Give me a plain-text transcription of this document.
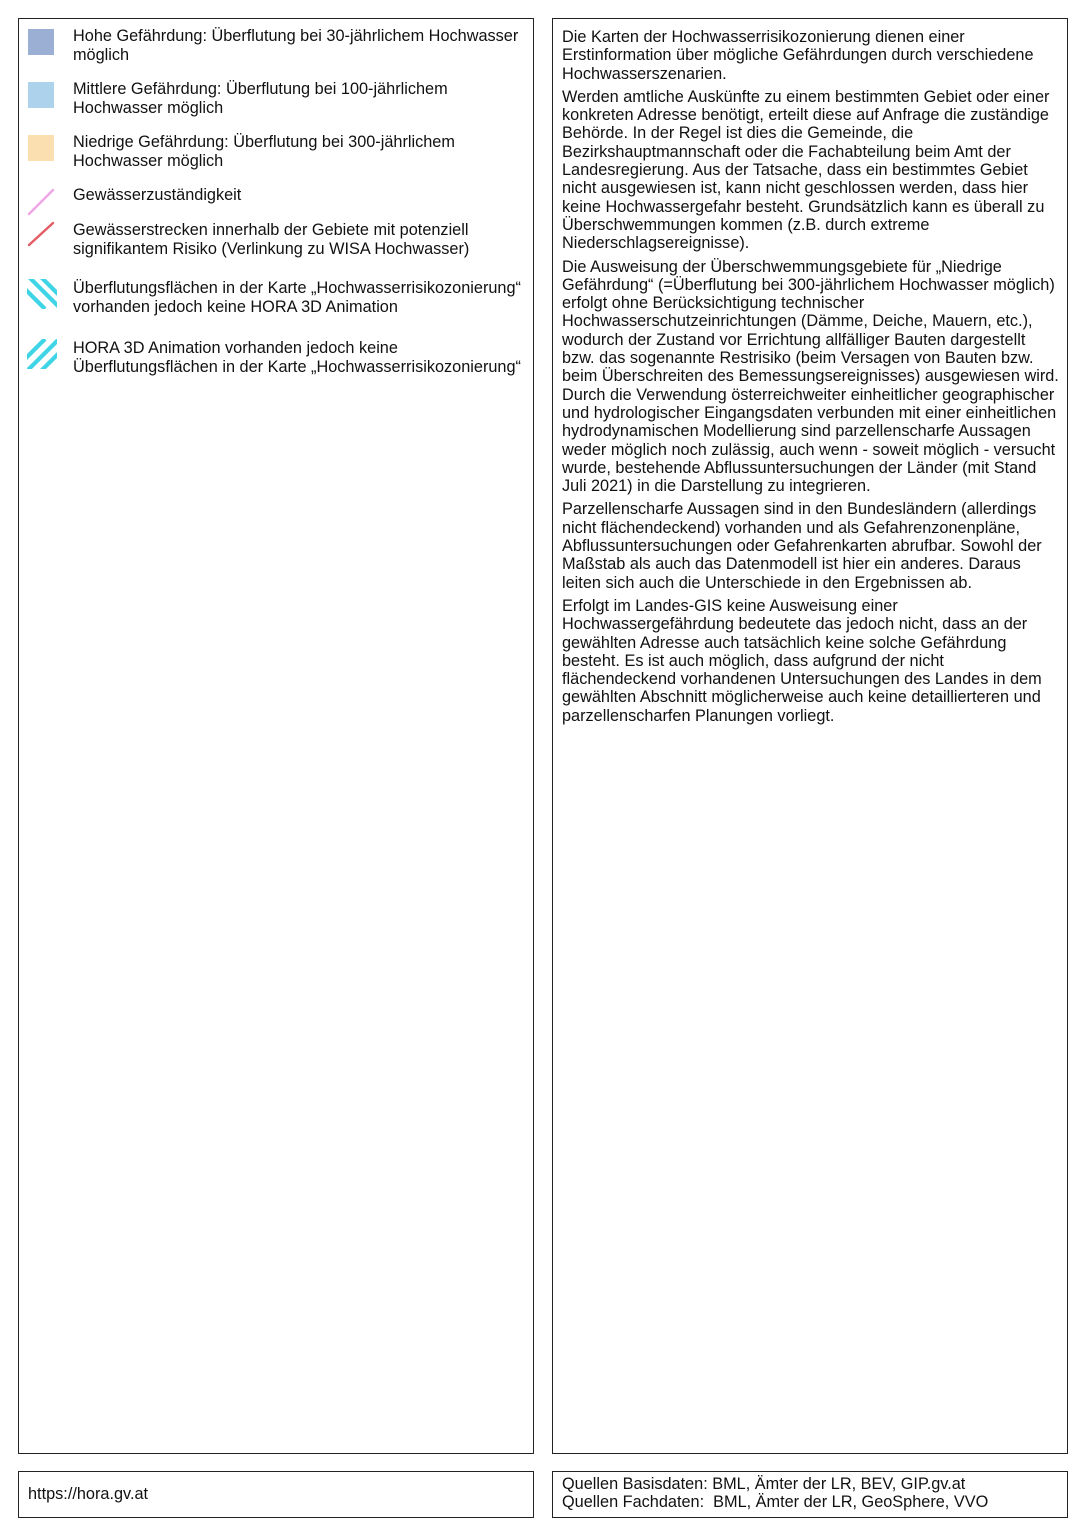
Hohe Gefährdung: Überflutung bei 30-jährlichem Hochwasser möglich
Mittlere Gefährdung: Überflutung bei 100-jährlichem Hochwasser möglich
Niedrige Gefährdung: Überflutung bei 300-jährlichem Hochwasser möglich
Gewässerzuständigkeit
Gewässerstrecken innerhalb der Gebiete mit potenziell signifikantem Risiko (Verlinkung zu WISA Hochwasser)
Überflutungsflächen in der Karte „Hochwasserrisikozonierung“ vorhanden jedoch keine HORA 3D Animation
HORA 3D Animation vorhanden jedoch keine Überflutungsflächen in der Karte „Hochwasserrisikozonierung“

Die Karten der Hochwasserrisikozonierung dienen einer Erstinformation über mögliche Gefährdungen durch verschiedene Hochwasserszenarien.

Werden amtliche Auskünfte zu einem bestimmten Gebiet oder einer konkreten Adresse benötigt, erteilt diese auf Anfrage die zuständige Behörde. In der Regel ist dies die Gemeinde, die Bezirkshauptmannschaft oder die Fachabteilung beim Amt der Landesregierung. Aus der Tatsache, dass ein bestimmtes Gebiet nicht ausgewiesen ist, kann nicht geschlossen werden, dass hier keine Hochwassergefahr besteht. Grundsätzlich kann es überall zu Überschwemmungen kommen (z.B. durch extreme Niederschlagsereignisse).

Die Ausweisung der Überschwemmungsgebiete für „Niedrige Gefährdung“ (=Überflutung bei 300-jährlichem Hochwasser möglich) erfolgt ohne Berücksichtigung technischer Hochwasserschutzeinrichtungen (Dämme, Deiche, Mauern, etc.), wodurch der Zustand vor Errichtung allfälliger Bauten dargestellt bzw. das sogenannte Restrisiko (beim Versagen von Bauten bzw. beim Überschreiten des Bemessungsereignisses) ausgewiesen wird. Durch die Verwendung österreichweiter einheitlicher geographischer und hydrologischer Eingangsdaten verbunden mit einer einheitlichen hydrodynamischen Modellierung sind parzellenscharfe Aussagen weder möglich noch zulässig, auch wenn - soweit möglich - versucht wurde, bestehende Abflussuntersuchungen der Länder (mit Stand Juli 2021) in die Darstellung zu integrieren.

Parzellenscharfe Aussagen sind in den Bundesländern (allerdings nicht flächendeckend) vorhanden und als Gefahrenzonenpläne, Abflussuntersuchungen oder Gefahrenkarten abrufbar. Sowohl der Maßstab als auch das Datenmodell ist hier ein anderes. Daraus leiten sich auch die Unterschiede in den Ergebnissen ab.

Erfolgt im Landes-GIS keine Ausweisung einer Hochwassergefährdung bedeutete das jedoch nicht, dass an der gewählten Adresse auch tatsächlich keine solche Gefährdung besteht. Es ist auch möglich, dass aufgrund der nicht flächendeckend vorhandenen Untersuchungen des Landes in dem gewählten Abschnitt möglicherweise auch keine detaillierteren und parzellenscharfen Planungen vorliegt.

https://hora.gv.at
Quellen Basisdaten: BML, Ämter der LR, BEV, GIP.gv.at
Quellen Fachdaten:  BML, Ämter der LR, GeoSphere, VVO
